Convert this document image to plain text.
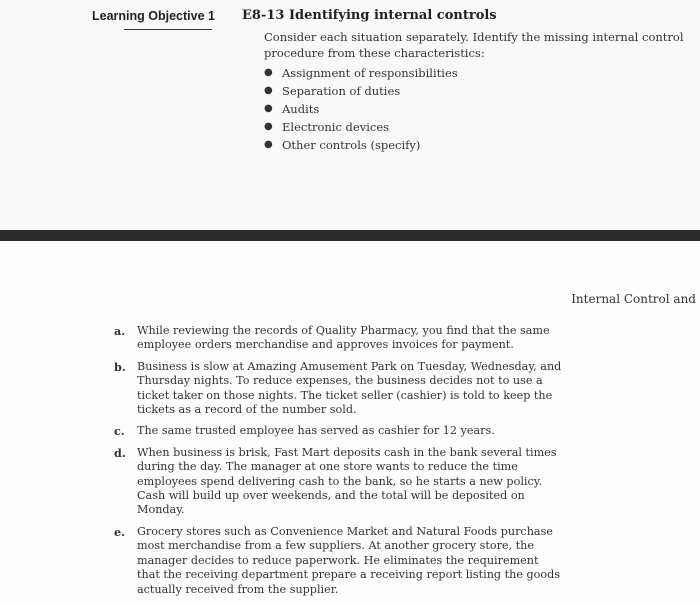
Learning Objective 1 E8-13 Identifying internal controls
Consider each situation separately. Identify the missing internal control procedure from these characteristics:
● Assignment of responsibilities
● Separation of duties
● Audits
● Electronic devices
● Other controls (specify)
Internal Control and
a.	While reviewing the records of Quality Pharmacy, you find that the same employee orders merchandise and approves invoices for payment.
b.	Business is slow at Amazing Amusement Park on Tuesday, Wednesday, and Thursday nights. To reduce expenses, the business decides not to use a ticket taker on those nights. The ticket seller (cashier) is told to keep the tickets as a record of the number sold.
c.	The same trusted employee has served as cashier for 12 years.
d.	When business is brisk, Fast Mart deposits cash in the bank several times during the day. The manager at one store wants to reduce the time employees spend delivering cash to the bank, so he starts a new policy. Cash will build up over weekends, and the total will be deposited on Monday.
e.	Grocery stores such as Convenience Market and Natural Foods purchase most merchandise from a few suppliers. At another grocery store, the manager decides to reduce paperwork. He eliminates the requirement that the receiving department prepare a receiving report listing the goods actually received from the supplier.
